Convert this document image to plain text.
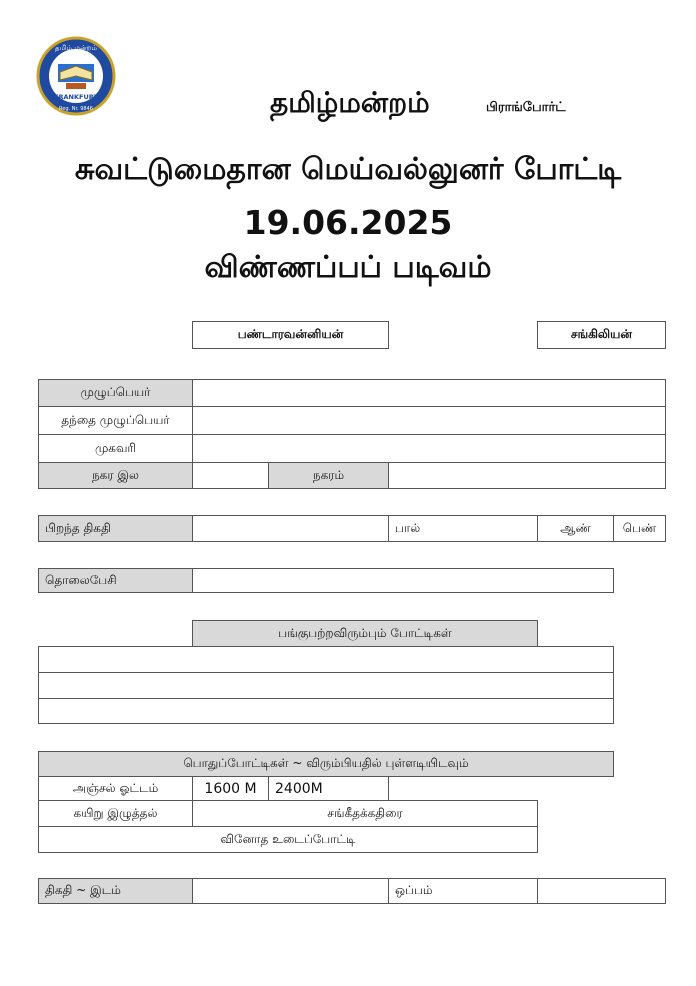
தமிழ் மன்றம்
FRANKFURT
Reg. Nr. 9846	தமிழ்மன்றம்	பிராங்போர்ட்
சுவட்டுமைதான மெய்வல்லுனர் போட்டி
19.06.2025
விண்ணப்பப் படிவம்
பண்டாரவன்னியன்	சங்கிலியன்
முழுப்பெயர்
தந்தை முழுப்பெயர்
முகவரி
நகர இல	நகரம்
பிறந்த திகதி	பால்	ஆண்	பெண்
தொலைபேசி
பங்குபற்றவிரும்பும் போட்டிகள்
பொதுப்போட்டிகள் ~ விரும்பியதில் புள்ளடியிடவும்
அஞ்சல் ஓட்டம்	1600 M	2400M
கயிறு இழுத்தல்	சங்கீதக்கதிரை
வினோத உடைப்போட்டி
திகதி ~ இடம்	ஒப்பம்
